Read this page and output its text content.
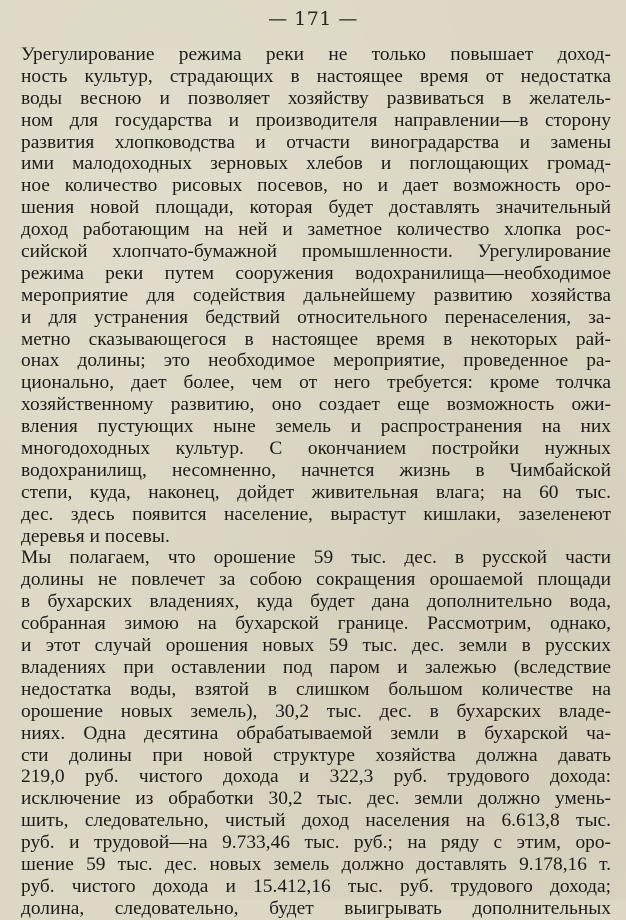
— 171 —
Урегулирование режима реки не только повышает доход-
ность культур, страдающих в настоящее время от недостатка
воды весною и позволяет хозяйству развиваться в желатель-
ном для государства и производителя направлении—в сторону
развития хлопководства и отчасти виноградарства и замены
ими малодоходных зерновых хлебов и поглощающих громад-
ное количество рисовых посевов, но и дает возможность оро-
шения новой площади, которая будет доставлять значительный
доход работающим на ней и заметное количество хлопка рос-
сийской хлопчато-бумажной промышленности. Урегулирование
режима реки путем сооружения водохранилища—необходимое
мероприятие для содействия дальнейшему развитию хозяйства
и для устранения бедствий относительного перенаселения, за-
метно сказывающегося в настоящее время в некоторых рай-
онах долины; это необходимое мероприятие, проведенное ра-
ционально, дает более, чем от него требуется: кроме толчка
хозяйственному развитию, оно создает еще возможность ожи-
вления пустующих ныне земель и распространения на них
многодоходных культур. С окончанием постройки нужных
водохранилищ, несомненно, начнется жизнь в Чимбайской
степи, куда, наконец, дойдет живительная влага; на 60 тыс.
дес. здесь появится население, вырастут кишлаки, зазеленеют
деревья и посевы.
Мы полагаем, что орошение 59 тыс. дес. в русской части
долины не повлечет за собою сокращения орошаемой площади
в бухарских владениях, куда будет дана дополнительно вода,
собранная зимою на бухарской границе. Рассмотрим, однако,
и этот случай орошения новых 59 тыс. дес. земли в русских
владениях при оставлении под паром и залежью (вследствие
недостатка воды, взятой в слишком большом количестве на
орошение новых земель), 30,2 тыс. дес. в бухарских владе-
ниях. Одна десятина обрабатываемой земли в бухарской ча-
сти долины при новой структуре хозяйства должна давать
219,0 руб. чистого дохода и 322,3 руб. трудового дохода:
исключение из обработки 30,2 тыс. дес. земли должно умень-
шить, следовательно, чистый доход населения на 6.613,8 тыс.
руб. и трудовой—на 9.733,46 тыс. руб.; на ряду с этим, оро-
шение 59 тыс. дес. новых земель должно доставлять 9.178,16 т.
руб. чистого дохода и 15.412,16 тыс. руб. трудового дохода;
долина, следовательно, будет выигрывать дополнительных
